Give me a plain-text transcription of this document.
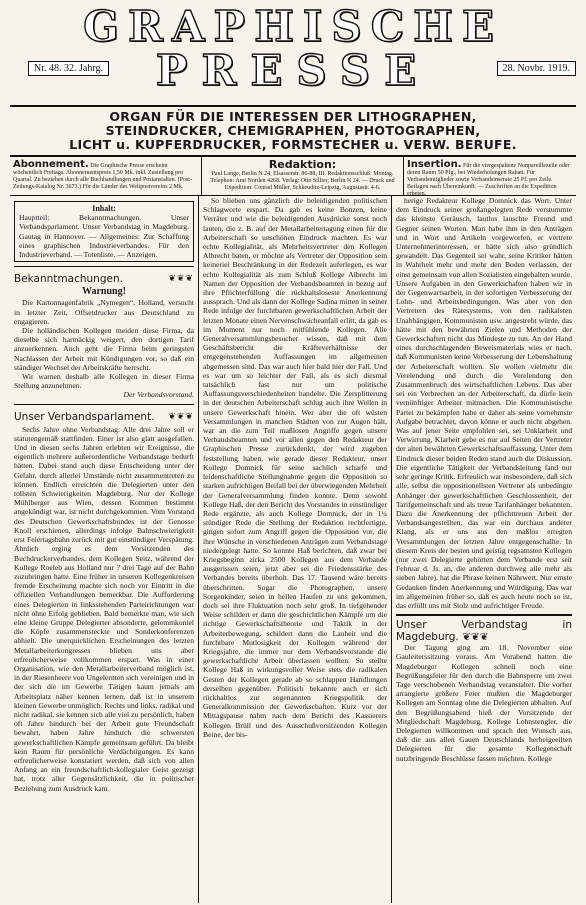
GRAPHISCHE
PRESSE
Nr. 48. 32. Jahrg.	28. Novbr. 1919.
ORGAN FÜR DIE INTERESSEN DER LITHOGRAPHEN,
STEINDRUCKER, CHEMIGRAPHEN, PHOTOGRAPHEN,
LICHT u. KUPFERDRUCKER, FORMSTECHER u. VERW. BERUFE.
Abonnement. Die Graphische Presse erscheint wöchentlich Freitags. Abonnementspreis 1,50 Mk. inkl. Zustellung pro Quartal. Zu beziehen durch alle Buchhandlungen und Postanstalten. (Post-Zeitungs-Katalog Nr. 3673.) Für die Länder des Weltpostvereins 2 Mk.
Redaktion:
Paul Lange, Berlin N 24, Elsasserstr. 86-88, III. Redaktionsschluß: Montag. Telephon: Amt Norden 4268. Verlag: Otto Sillier, Berlin N 24. — Druck und Expedition: Conrad Müller, Schkeuditz-Leipzig, Augustastr. 4-6.
Insertion. Für die viergespaltene Nonpareillezeile oder deren Raum 50 Pfg., bei Wiederholungen Rabatt. Für Verbandsmitglieder sowie Verbandsinserate 25 Pf. pro Zeile. Beilagen nach Übereinkunft. — Zuschriften an die Expedition erbeten.
Inhalt:

Hauptteil: Bekanntmachungen. Unser Verbandsparlament. Unser Verbandstag in Magdeburg. Gautag in Hannover. — Allgemeines: Zur Schaffung eines graphischen Industrieverbandes. Für den Industrieverband. — Totenliste. — Anzeigen.

Bekanntmachungen.	❦❦❦
Warnung!

Die Kartonnagenfabrik „Nymegen“, Holland, versucht in letzter Zeit, Offsetdrucker aus Deutschland zu engagieren.

Die holländischen Kollegen meiden diese Firma, da dieselbe sich hartnäckig weigert, den dortigen Tarif anzuerkennen. Auch geht die Firma beim geringsten Nachlassen der Arbeit mit Kündigungen vor, so daß ein ständiger Wechsel der Arbeitskräfte herrscht.

Wir warnen deshalb alle Kollegen in dieser Firma Stellung anzunehmen.

Der Verbandsvorstand.
Unser Verbandsparlament. ❦❦❦

Sechs Jahre ohne Verbandstag. Alle drei Jahre soll er statutengemäß stattfinden. Einer ist also glatt ausgefallen. Und in diesen sechs Jahren erlebten wir Ereignisse, die eigentlich mehrere außerordentliche Verbandstage bedurft hätten. Dabei stand auch diese Entscheidung unter der Gefahr, durch allerlei Umstände nicht zusammentreten zu können. Endlich erreichten die Delegierten unter den tollsten Schwierigkeiten Magdeburg. Nur der Kollege Mühlberger aus Wien, dessen Kommen bestimmt angekündigt war, ist nicht durchgekommen. Vom Vorstand des Deutschen Gewerkschaftsbundes ist der Genosse Knoll erschienen, allerdings infolge Bahnschwierigkeit erst Feiertagsbahn zurück mit gut einstündiger Verspätung. Ähnlich erging es dem Vorsitzenden des Buchdruckerverbandes, dem Kollegen Seitz, während der Kollege Roeleb aus Holland nur ? drei Tage auf der Bahn zuzubringen hatte. Eine früher in unseren Kollegenkreisen fremde Erscheinung machte sich noch vor Eintritt in die offiziellen Verhandlungen bemerkbar. Die Aufforderung eines Delegierten in linksstehenden Parteirichtungen war nicht ohne Erfolg geblieben. Bald bemerkte man, wie sich eine kleine Gruppe Delegierter absonderte, gelemmkoniel die Köpfe zusammensteckte und Sonderkonferenzen abhielt. Die unerquicklichen Erscheinungen des letzten Metallarbeiterkongresses blieben uns aber erfreulicherweise vollkommen erspart. Was in einer Organisation, wie den Metallarbeiterverband möglich ist, in der Riesenheere von Ungelernten sich vereinigen und in der sich die im Gewerbe Tätigen kaum jemals am Arbeitsplatz näher kennen lernen, daß ist in unserem kleinen Gewerbe unmöglich. Rechts und links, radikal und nicht radikal, sie kennen sich alle viel zu persönlich, haben oft Jahre hindurch bei der Arbeit gute Freundschaft bewahrt, haben Jahre hindurch die schwersten gewerkschaftlichen Kämpfe gemeinsam geführt. Da bleibt kein Raum für persönliche Verdächtigungen. Es kann erfreulicherweise konstatiert werden, daß sich von allen Anfang an ein freundschaftlich-kollegialer Geist gezeigt hat, trotz aller Gegensätzlichkeit, die in politischer Beziehung zum Ausdruck kam.

So blieben uns gänzlich die beleidigenden politischen Schlagworte erspart. Da gab es keine Bonzen, keine Verräter und wie die beleidigenden Ausdrücke sonst noch lauten, die z. B. auf der Metallarbeitertagung einen für die Arbeiterschaft so unschönen Eindruck machten. Es war echte Kollegialität, als Mehrheitsvertreter den Kollegen Albrecht baten, er möchte als Vertreter der Opposition sein keineriei Beschränkung in der Redezeit auferlegen, es war echte Kollegialität als zum Schluß Kollege Albrecht im Namen der Opposition der Verbandsbeamten in bezug auf ihre Pflichterfüllung die rückhaltsloseste Anerkennung aussprach. Und als dann der Kollege Sadina mitten in seiner Rede infolge der furchtbaren gewerkschaftlichen Arbeit der letzten Monate einen Nervenschwächeanfall erlitt, da gab es im Moment nur noch mitfühlende Kollegen. Alle Generalversammlungsbesucher wissen, daß mit dem Geschäftsbericht die Kräfteverhältnisse der entgegenstehenden Auffassungen im allgemeinen abgemessen sind. Das war auch hier bald hier der Fall. Und es war um so leichter der Fall, als es sich diesmal tatsächlich fast nur um politische Auffassungsverschiedenheiten handelte. Die Zersplitterung in der deutschen Arbeiterschaft schlug auch ihre Wellen in unsere Gewerkschaft hinein. Wer aber die oft wüsten Versammlungen in manchen Städten von zur Augen hält, war an die zum Teil maßlosen Angriffe gegen unsere Verbandsbeamten und vor allen gegen den Redakteur der Graphischen Presse zurückdenkt, der wird zugeben feststellung haben, wie gerade dieser Redakteur, unser Kollege Domnick für seine sachlich scharfe und leidenschaftliche Stellungnahme gegen die Opposition so starken aufrichtigen Beifall bei der überwiegenden Mehrheit der Generalversammlung finden konnte. Denn sowohl Kollege Haß, der den Bericht des Vorstandes in einstündiger Rede ergänzte, als auch Kollege Domnick, der in 1¼ stündiger Rede die Stellung der Redaktion rechtfertigte, gingen sofort zum Angriff gegen die Opposition vor, die ihre Wünsche in verschiedenen Anträgen zum Verbandstage niedergelegt hatte. So konnte Haß berichten, daß zwar bei Kriegsbeginn zirka 2500 Kollegen aus dem Verbande ausgerissen seien, jetzt aber sei die Friedensstärke des Verbandes bereits überholt. Das 17. Tausend wäre bereits überschritten. Sogar die Photographen, unsere Sorgenkinder, seien in hellen Haufen zu uns gekommen, doch sei ihre Fluktuation noch sehr groß. In tiefgehender Weise schildert er dann die geschichtlichen Kämpfe um die richtige Gewerkschaftstheorie und Taktik in der Arbeiterbewegung, schildert dann die Lauheit und die furchtbare Mutlosigkeit der Kollegen während der Kriegsjahre, die immer nur dem Verbandsvorstande die gewerkschaftliche Arbeit überlassen wollten. So stellte Kollege Haß in wirkungsvoller Weise stets die radikalen Gesten der Kollegen gerade ab so schlappen Handlungen derselben gegenüber. Politisch bekannte auch er sich rückhaltlos zur sogenannten Kriegspolitik der Generalkommission der Gewerkschaften. Kurz vor der Mittagspause nahm nach dem Bericht des Kassierers Kollegen Brüll und des Ausschußvorsitzenden Kollegen Beine, der bis-

herige Redakteur Kollege Domnick das Wort. Unter dem Eindruck seiner großangelegten Rede verstummte das kleinste Geräusch, lautlos lauschte Freund und Gegner seinen Worten. Man habe ihm in den Anträgen und in Wort und Artikeln vorgeworfen, er vertrete Unternehmerinteressen, er hätte sich also gründlich gewandelt. Das Gegenteil sei wahr, seine Kritiker hätten in Wahrheit mehr und mehr den Boden verlassen, der einst gemeinsam von allen Sozialisten eingehalten wurde. Unsere Aufgaben in den Gewerkschaften haben wir in der Gegenwartsarbeit, in der sofortigen Verbesserung der Lohn- und Arbeitsbedingungen. Was aber von den Vertretern des Rätesystems, von den radikalsten Unabhängigen, Kommunisten usw. angestrebt würde, das hätte mit den bewährten Zielen und Methoden der Gewerkschaften nicht das Mindeste zu tun. An der Hand eines durchschlagenden Beweismaterials wies er nach, daß Kommunisten keine Verbesserung der Lebenshaltung der Arbeiterschaft wollten. Sie wollen vielmehr die Verelendung und durch die Verelendung den Zusammenbruch des wirtschaftlichen Lebens. Das aber sei ein Verbrechen an der Arbeiterschaft, da dürfe kein vernünftiger Arbeiter mitmachen. Die Kommunistische Partei zu bekämpfen habe er daher als seine vornehmste Aufgabe betrachtet, davon könne er auch nicht abgehen. Was auf jener Seite empfohlen sei, sei Unklarheit und Verwirrung, Klarheit gebe es nur auf Seiten der Vertreter der alten bewährten Gewerkschaftsauffassung. Unter dem Eindruck dieser beiden Reden stand auch die Diskussion. Die eigentliche Tätigkeit der Verbandsleitung fand nur sehr geringe Kritik. Erfreulich war insbesondere, daß sich alle, selbst die oppositionellsten Vertreter als unbedingte Anhänger der gewerkschaftlichen Geschlossenheit, der Tarifgemeinschaft und als treue Tarifanhänger bekannten. Dazu die Anerkennung der pflichttreuen Arbeit der Verbandsangestellten, das war ein durchaus anderer Klang, als er uns aus den maßlos erregten Versammlungen der letzten Jahre entgegenschallte. In diesem Kreis der besten und geistig regsamsten Kollegen (nur zwei Delegierte gehörten dem Verbande erst seit Februar d. Js. an, die anderen durchweg alle mehr als sieben Jahre), hat die Phrase keinen Nährwert. Nur ernste Gedanken finden Anerkennung und Würdigung. Das war im allgemeinen früher so, daß es auch heute noch so ist, das erfüllt uns mit Stolz und aufrichtiger Freude.

Unser Verbandstag in Magdeburg. ❦❦❦

Der Tagung ging am 18. November eine Gauleiterssitzung voraus. Am Vorabend hatten die Magdeburger Kollegen schnell noch eine Begrüßungsfeier für den durch die Bahnsperre um zwei Tage verschobenen Verbandstag veranstaltet. Die vorher arrangierte größere Feier mußten die Magdeburger Kollegen am Sonntag ohne die Delegierten abhalten. Auf den Begrüßungsabend hieß der Vorsitzende der Mitgliedschaft Magdeburg, Kollege Lohnstengler, die Delegierten willkommen und sprach den Wunsch aus, daß die aus allen Gauen Deutschlands herbeigeeilten Delegierten für die gesamte Kollegenschaft nutzbringende Beschlüsse fassen möchten. Kollege
